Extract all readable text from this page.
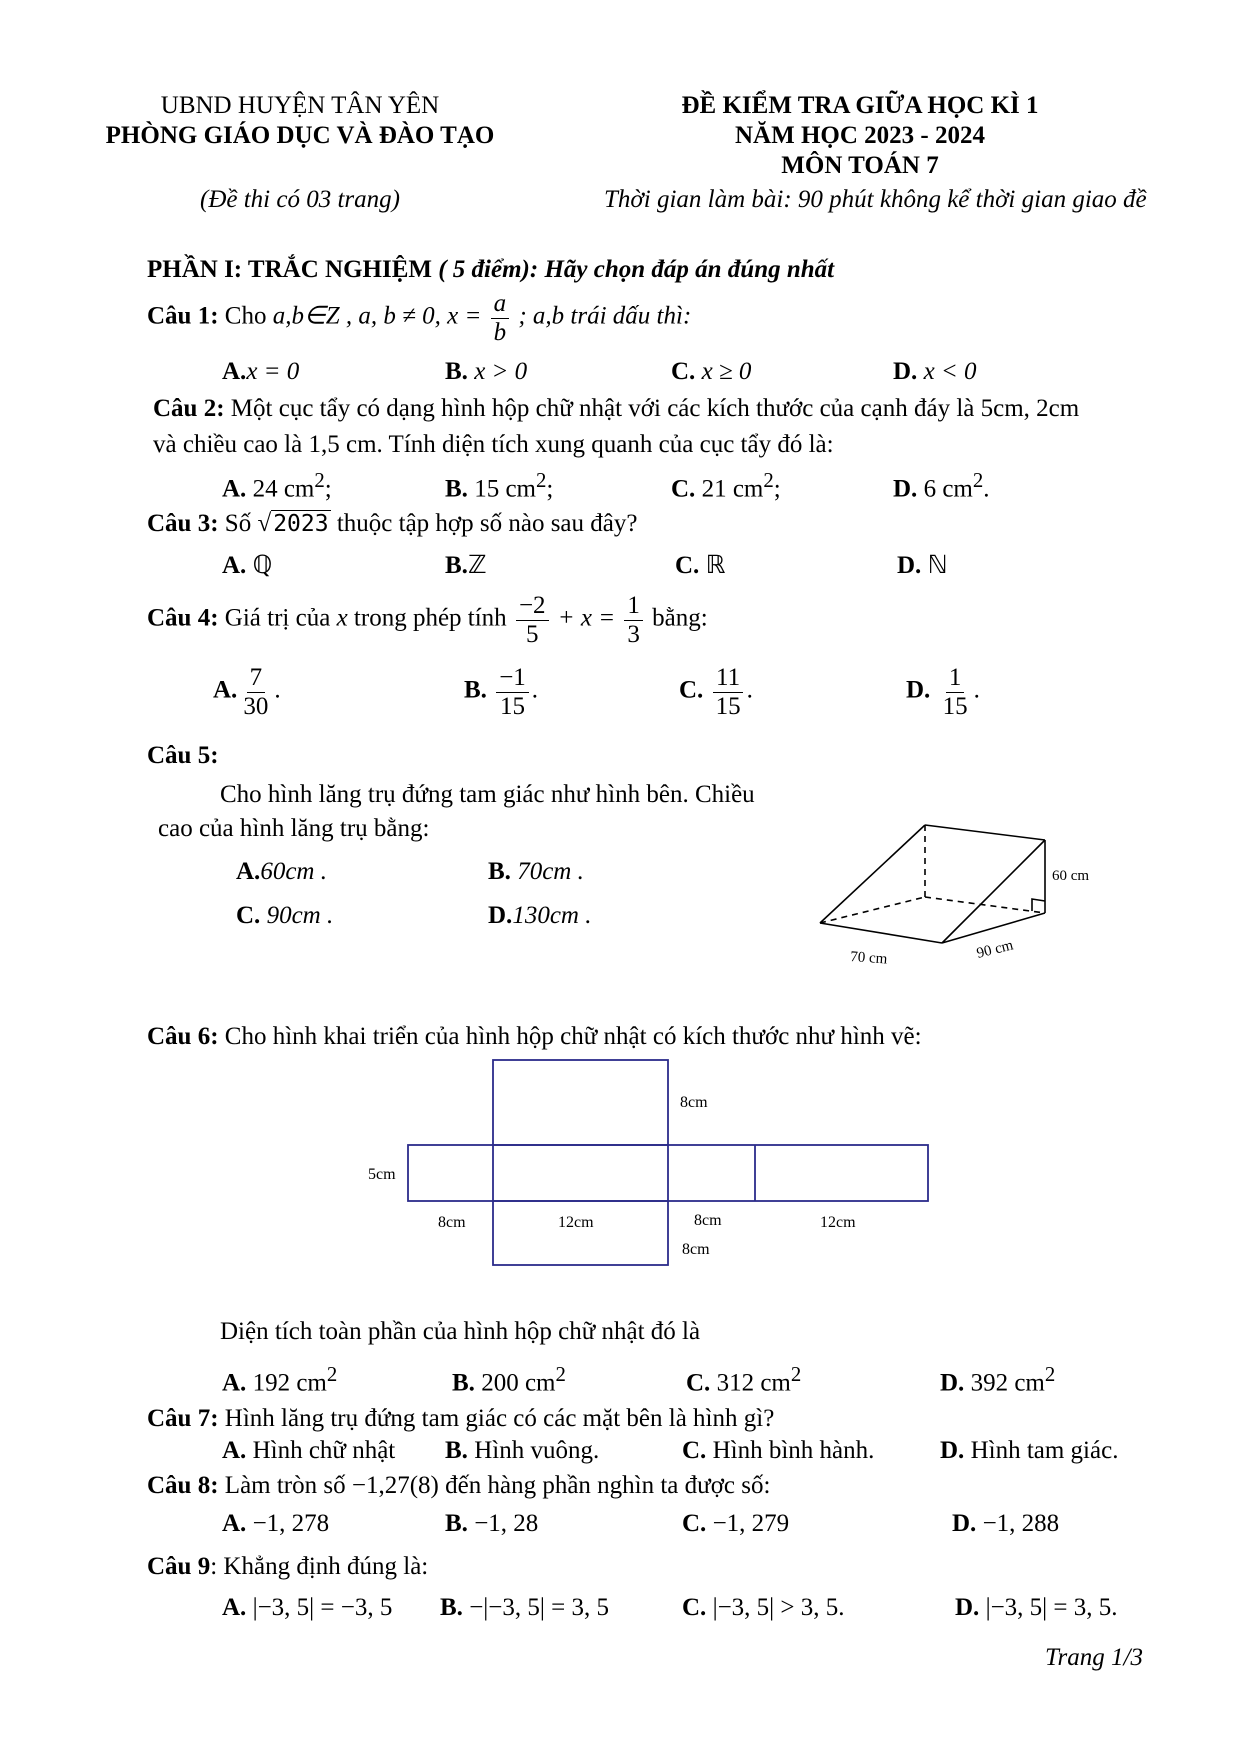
UBND HUYỆN TÂN YÊN
PHÒNG GIÁO DỤC VÀ ĐÀO TẠO
(Đề thi có 03 trang)
ĐỀ KIỂM TRA GIỮA HỌC KÌ 1
NĂM HỌC 2023 - 2024
MÔN TOÁN 7
Thời gian làm bài: 90 phút không kể thời gian giao đề
PHẦN I: TRẮC NGHIỆM ( 5 điểm): Hãy chọn đáp án đúng nhất
Câu 1: Cho a,b∈Z , a, b ≠ 0, $x = \frac{a}{b}$ ; a,b trái dấu thì:
A.x = 0	B. x > 0	C. x ≥ 0	D. x < 0
Câu 2: Một cục tẩy có dạng hình hộp chữ nhật với các kích thước của cạnh đáy là 5cm, 2cm
và chiều cao là 1,5 cm. Tính diện tích xung quanh của cục tẩy đó là:
A. 24 $cm^2$;	B. 15 $cm^2$;	C. 21 $cm^2$;	D. 6 $cm^2$.
Câu 3: Số √2023 thuộc tập hợp số nào sau đây?
A. ℚ	B.ℤ	C. ℝ	D. ℕ
Câu 4: Giá trị của x trong phép tính $\frac{-2}{5} + x = \frac{1}{3}$ bằng:
A. $\frac{7}{30}$ .	B. $\frac{-1}{15}$ .	C. $\frac{11}{15}$ .	D. $\frac{1}{15}$ .
Câu 5:
Cho hình lăng trụ đứng tam giác như hình bên. Chiều
cao của hình lăng trụ bằng:
A.60cm .	B. 70cm .
C. 90cm .	D.130cm .
60 cm
70 cm	90 cm
Câu 6: Cho hình khai triển của hình hộp chữ nhật có kích thước như hình vẽ:
8cm
5cm
8cm	12cm	8cm	12cm
8cm
Diện tích toàn phần của hình hộp chữ nhật đó là
A. 192 $cm^2$	B. 200 $cm^2$	C. 312 $cm^2$	D. 392 $cm^2$
Câu 7: Hình lăng trụ đứng tam giác có các mặt bên là hình gì?
A. Hình chữ nhật B. Hình vuông.	C. Hình bình hành.	D. Hình tam giác.
Câu 8: Làm tròn số −1,27(8) đến hàng phần nghìn ta được số:
A. −1, 278	B. −1, 28	C. −1, 279	D. −1, 288
Câu 9: Khẳng định đúng là:
A. |−3, 5| = −3, 5 B. −|−3, 5| = 3, 5	C. |−3, 5| > 3, 5.	D. |−3, 5| = 3, 5.
Trang 1/3
